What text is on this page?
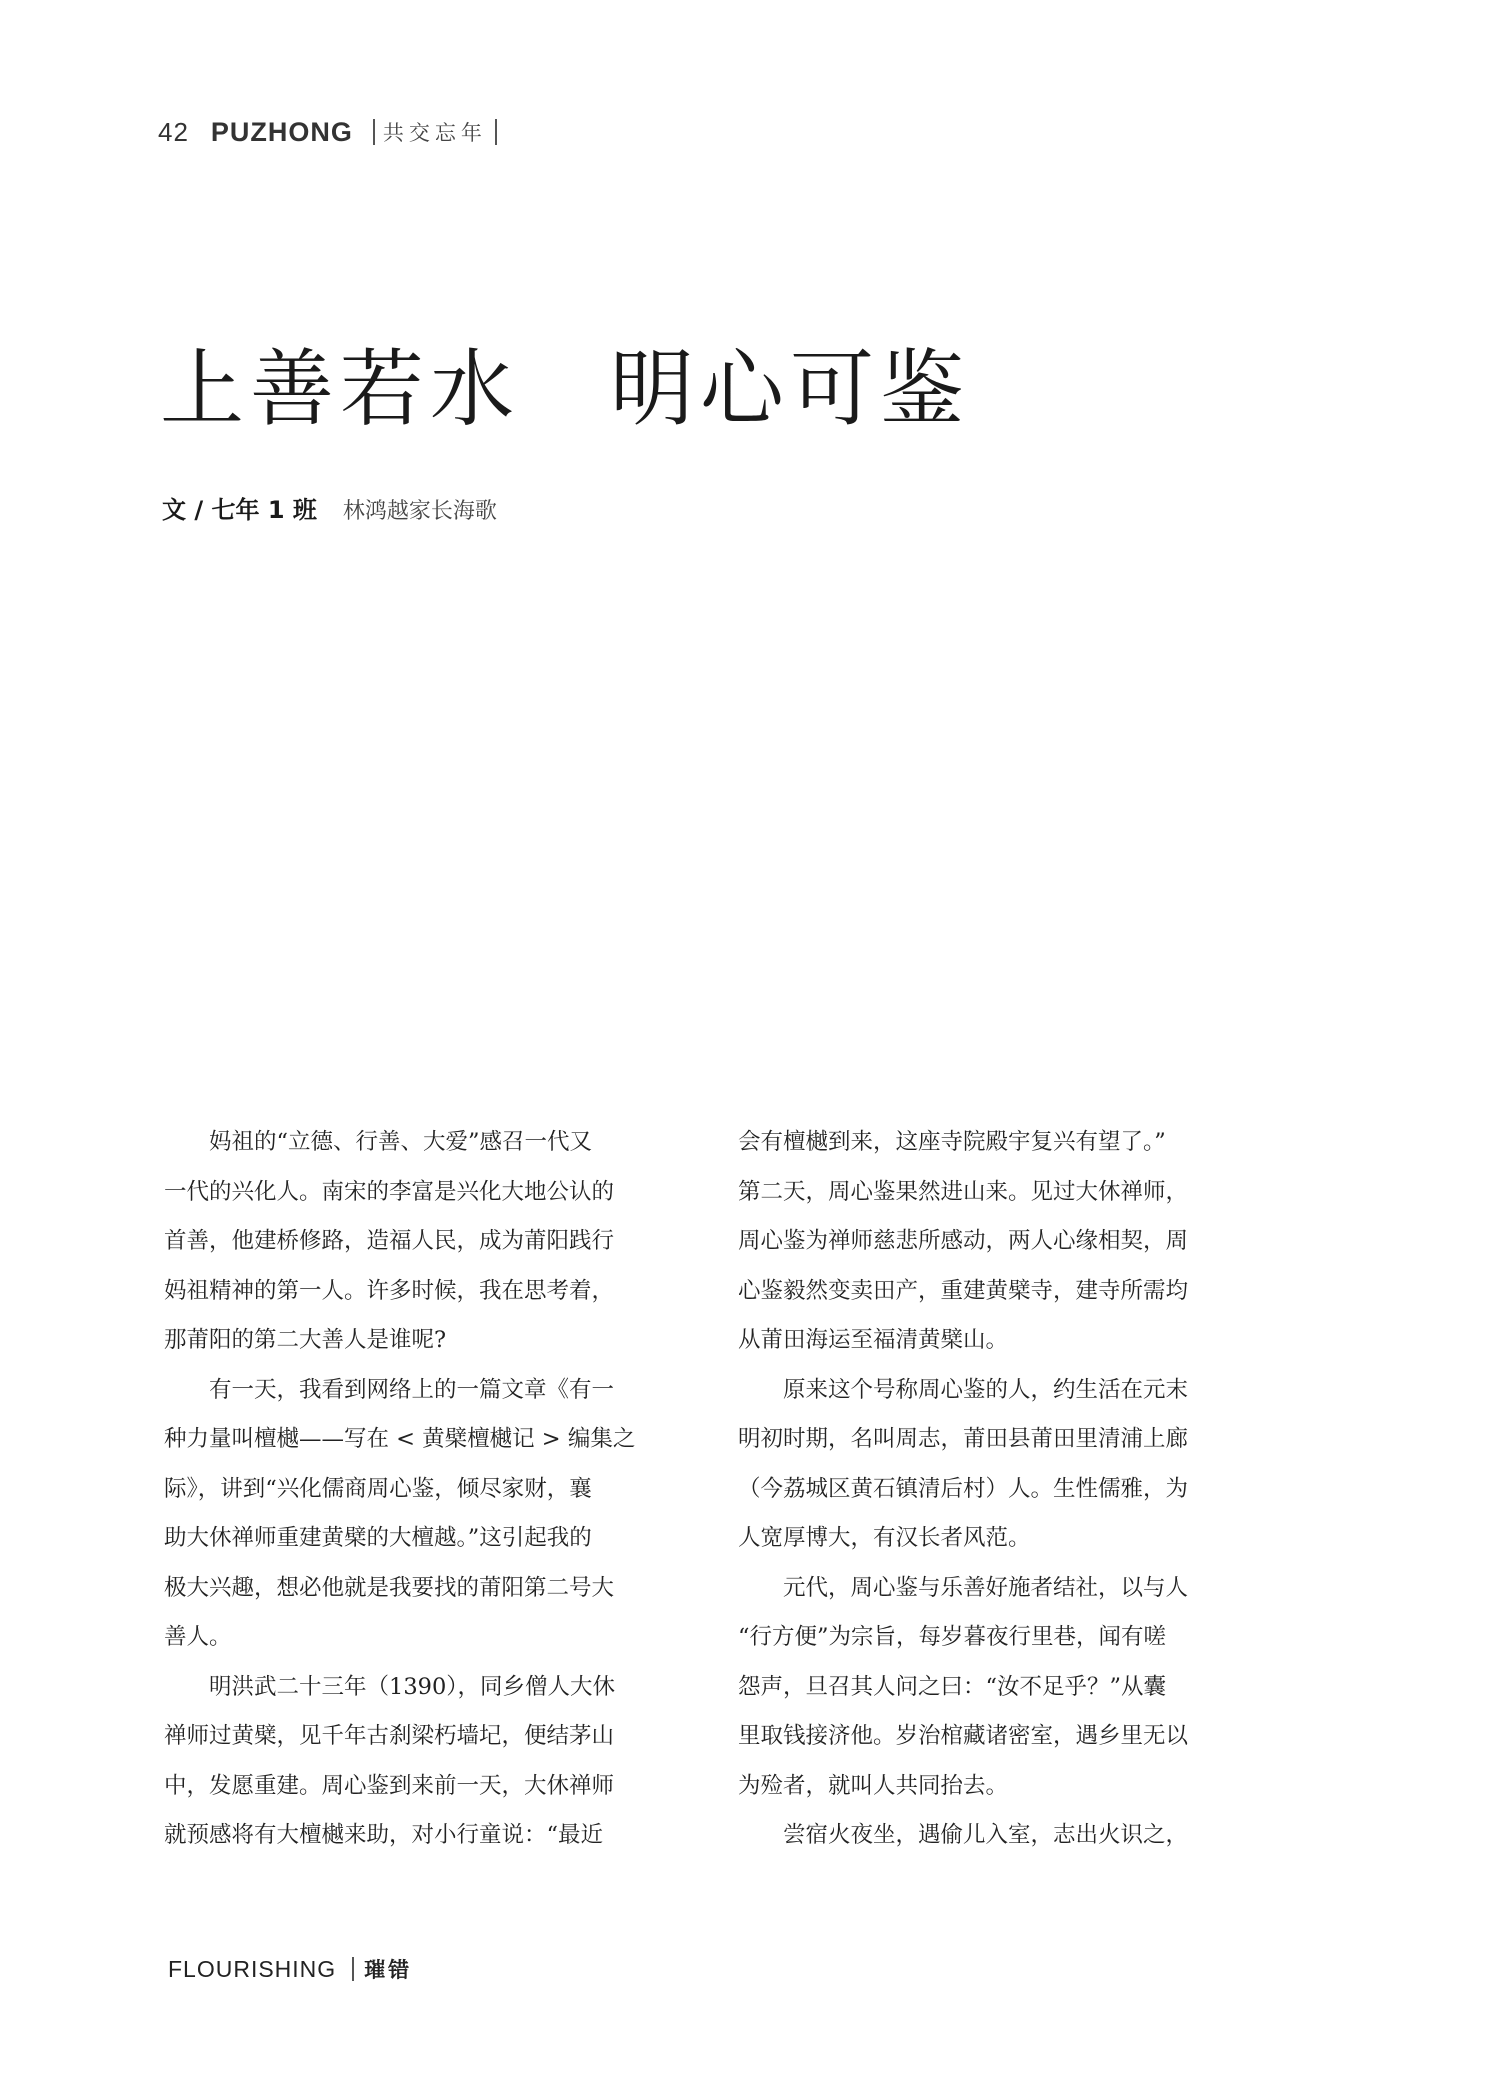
42 PUZHONG 共交忘年
上善若水　明心可鉴
文 / 七年 1 班 林鸿越家长海歌
　　妈祖的“立德、行善、大爱”感召一代又
一代的兴化人。南宋的李富是兴化大地公认的
首善，他建桥修路，造福人民，成为莆阳践行
妈祖精神的第一人。许多时候，我在思考着，
那莆阳的第二大善人是谁呢?
　　有一天，我看到网络上的一篇文章《有一
种力量叫檀樾——写在 < 黄檗檀樾记 > 编集之
际》，讲到“兴化儒商周心鉴，倾尽家财，襄
助大休禅师重建黄檗的大檀越。”这引起我的
极大兴趣，想必他就是我要找的莆阳第二号大
善人。
　　明洪武二十三年（1390），同乡僧人大休
禅师过黄檗，见千年古刹梁朽墙圮，便结茅山
中，发愿重建。周心鉴到来前一天，大休禅师
就预感将有大檀樾来助，对小行童说：“最近
会有檀樾到来，这座寺院殿宇复兴有望了。”
第二天，周心鉴果然进山来。见过大休禅师，
周心鉴为禅师慈悲所感动，两人心缘相契，周
心鉴毅然变卖田产，重建黄檗寺，建寺所需均
从莆田海运至福清黄檗山。
　　原来这个号称周心鉴的人，约生活在元末
明初时期，名叫周志，莆田县莆田里清浦上廊
（今荔城区黄石镇清后村）人。生性儒雅，为
人宽厚博大，有汉长者风范。
　　元代，周心鉴与乐善好施者结社，以与人
“行方便”为宗旨，每岁暮夜行里巷，闻有嗟
怨声，旦召其人问之曰：“汝不足乎？”从囊
里取钱接济他。岁治棺藏诸密室，遇乡里无以
为殓者，就叫人共同抬去。
　　尝宿火夜坐，遇偷儿入室，志出火识之，
FLOURISHING 璀错
